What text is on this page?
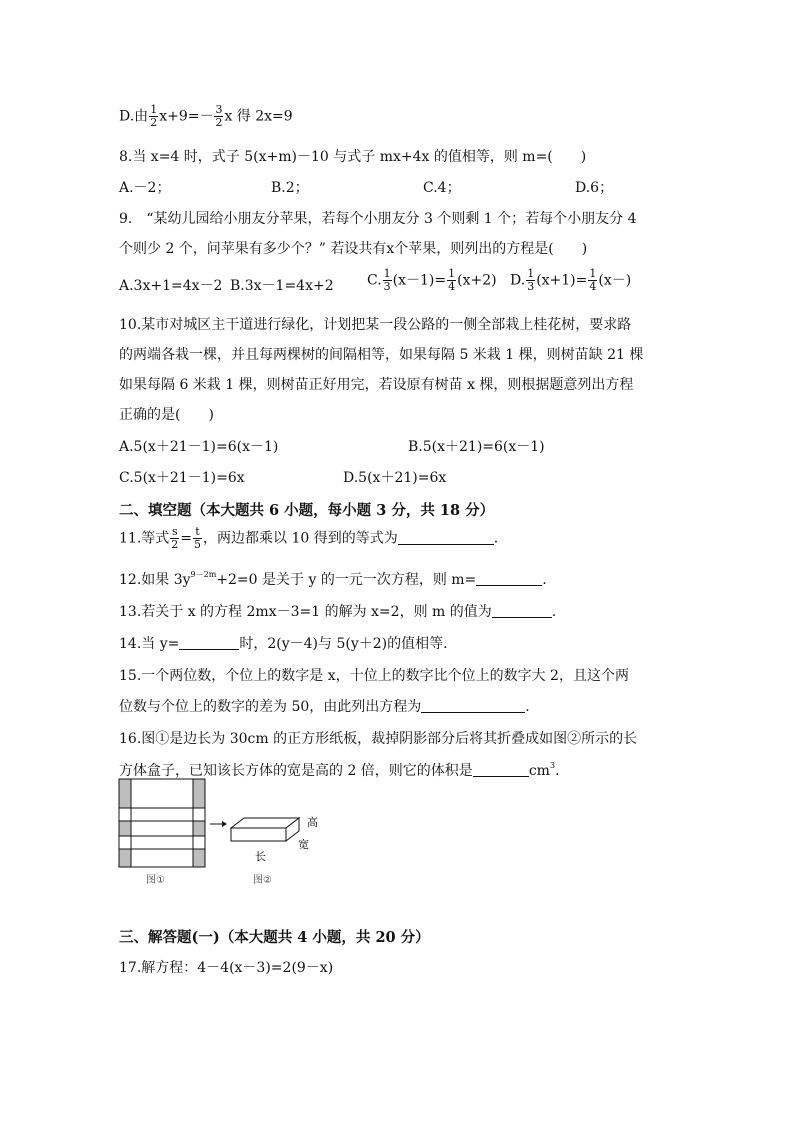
D.由 $\frac{1}{2} x+9=- \frac{3}{2}$ x 得 2x=9
8.当 x=4 时，式子 5(x+m)－10 与式子 mx+4x 的值相等，则 m=(　　)
A.－2；	B.2；	C.4；	D.6；
9.　“某幼儿园给小朋友分苹果，若每个小朋友分 3 个则剩 1 个；若每个小朋友分 4
个则少 2 个，问苹果有多少个？” 若设共有x个苹果，则列出的方程是(　　)
A.3x+1=4x－2 B.3x－1=4x+2 C. $\frac{1}{3} (x-1)= \frac{1}{4} (x+2)$ D. $\frac{1}{3} (x+1)= \frac{1}{4} (x-)$
10.某市对城区主干道进行绿化，计划把某一段公路的一侧全部栽上桂花树，要求路
的两端各栽一棵，并且每两棵树的间隔相等，如果每隔 5 米栽 1 棵，则树苗缺 21 棵
如果每隔 6 米栽 1 棵，则树苗正好用完，若设原有树苗 x 棵，则根据题意列出方程
正确的是(　　)
A.5(x＋21－1)=6(x－1)	B.5(x＋21)=6(x－1)
C.5(x＋21－1)=6x	D.5(x＋21)=6x
二、填空题（本大题共 6 小题，每小题 3 分，共 18 分）
11.等式 $\frac{s}{2} = \frac{t}{5}$ ，两边都乘以 10 得到的等式为	.
12.如果 $3y^{9-2m}+2=0$ 是关于 y 的一元一次方程，则 m=	.
13.若关于 x 的方程 2mx－3=1 的解为 x=2，则 m 的值为	.
14.当 y=	时，2(y－4)与 5(y＋2)的值相等.
15.一个两位数，个位上的数字是 x，十位上的数字比个位上的数字大 2，且这个两
位数与个位上的数字的差为 50，由此列出方程为	.
16.图①是边长为 30cm 的正方形纸板，裁掉阴影部分后将其折叠成如图②所示的长
方体盒子，已知该长方体的宽是高的 2 倍，则它的体积是	$cm^3$.
高
宽
长
图①	图②
三、解答题(一)（本大题共 4 小题，共 20 分）
17.解方程：4－4(x－3)=2(9－x)
